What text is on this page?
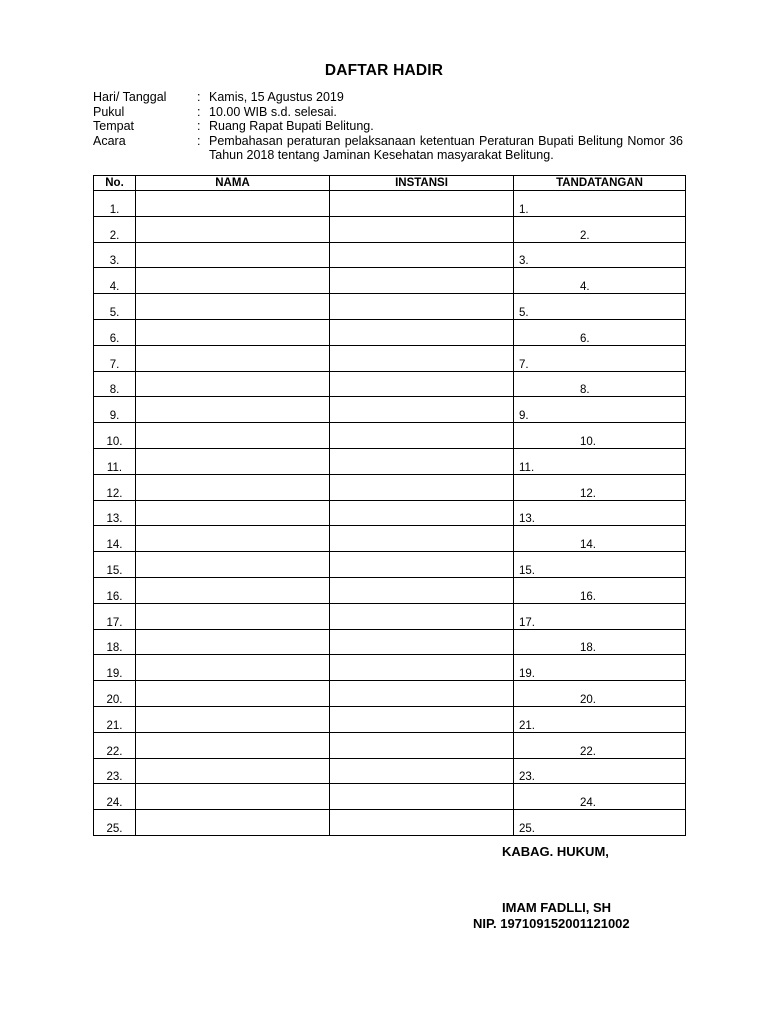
DAFTAR HADIR
Hari/ Tanggal	: Kamis, 15 Agustus 2019
Pukul	: 10.00 WIB s.d. selesai.
Tempat	: Ruang Rapat Bupati Belitung.
Acara	: Pembahasan peraturan pelaksanaan ketentuan Peraturan Bupati Belitung Nomor 36 Tahun 2018 tentang Jaminan Kesehatan masyarakat Belitung.
No.	NAMA	INSTANSI	TANDATANGAN
1.			1.
2.			2.
3.			3.
4.			4.
5.			5.
6.			6.
7.			7.
8.			8.
9.			9.
10.			10.
11.			11.
12.			12.
13.			13.
14.			14.
15.			15.
16.			16.
17.			17.
18.			18.
19.			19.
20.			20.
21.			21.
22.			22.
23.			23.
24.			24.
25.			25.
KABAG. HUKUM,
IMAM FADLLI, SH
NIP. 197109152001121002
